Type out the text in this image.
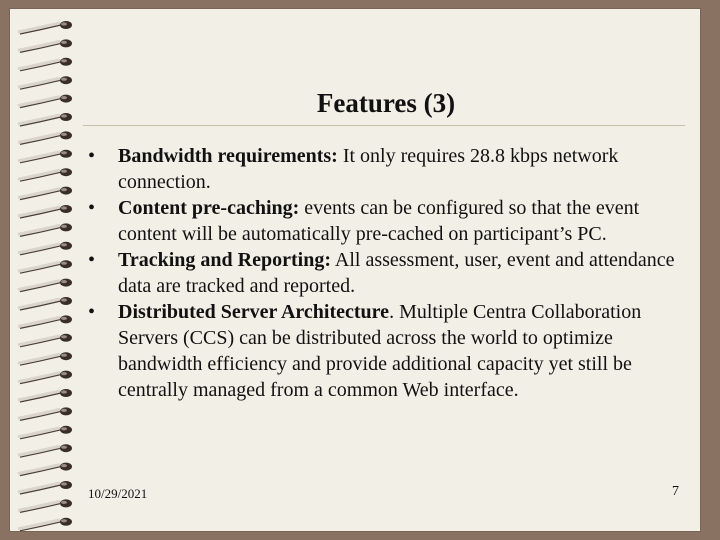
Features (3)
• Bandwidth requirements: It only requires 28.8 kbps network connection.
• Content pre-caching: events can be configured so that the event content will be automatically pre-cached on participant’s PC.
• Tracking and Reporting: All assessment, user, event and attendance data are tracked and reported.
• Distributed Server Architecture. Multiple Centra Collaboration Servers (CCS) can be distributed across the world to optimize bandwidth efficiency and provide additional capacity yet still be centrally managed from a common Web interface.
10/29/2021	7
